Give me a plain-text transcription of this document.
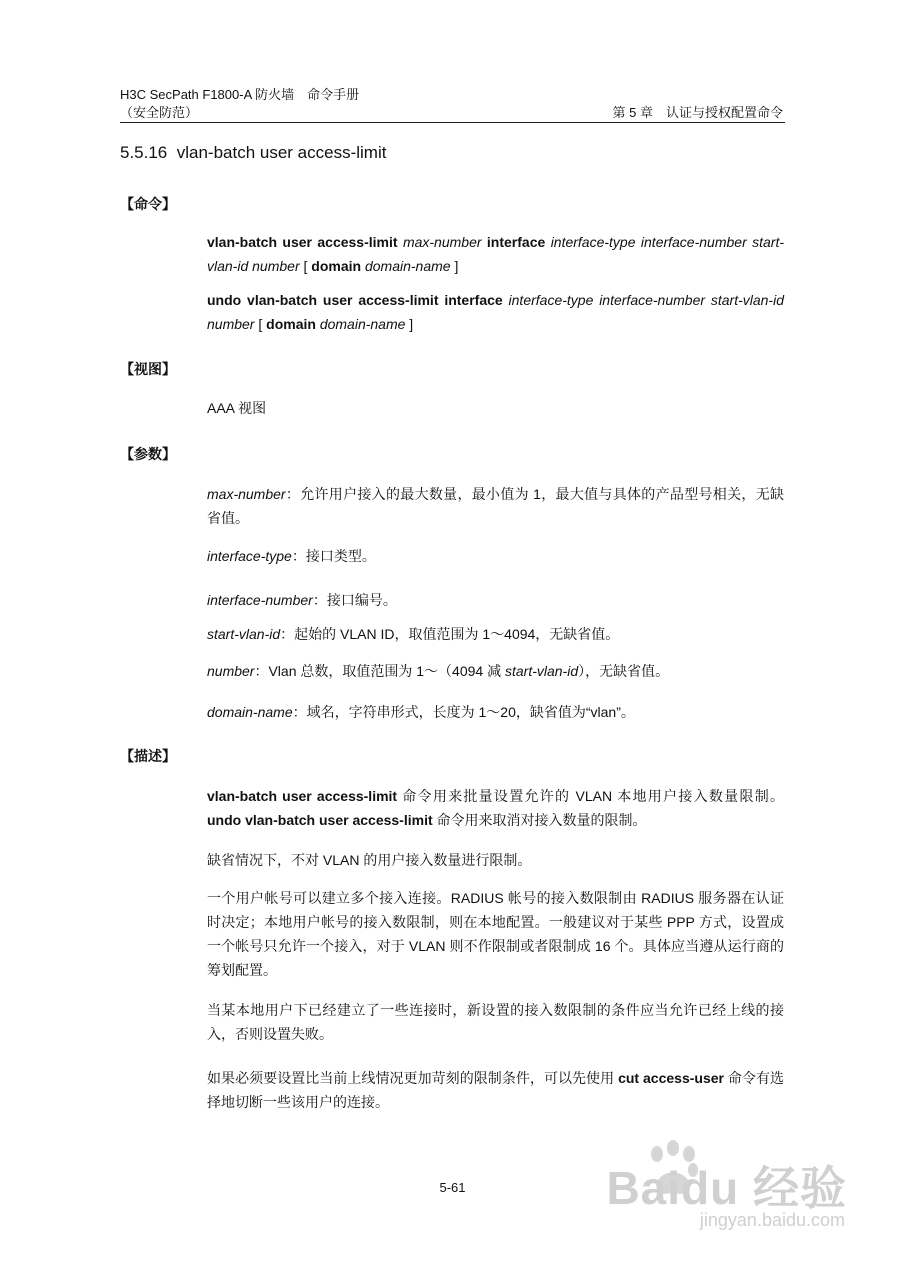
H3C SecPath F1800-A 防火墙　命令手册
（安全防范）	第 5 章　认证与授权配置命令
5.5.16 vlan-batch user access-limit
【命令】

vlan-batch user access-limit max-number interface interface-type interface-number start-vlan-id number [ domain domain-name ]

undo vlan-batch user access-limit interface interface-type interface-number start-vlan-id number [ domain domain-name ]

【视图】

AAA 视图

【参数】

max-number：允许用户接入的最大数量，最小值为 1，最大值与具体的产品型号相关，无缺省值。

interface-type：接口类型。

interface-number：接口编号。

start-vlan-id：起始的 VLAN ID，取值范围为 1～4094，无缺省值。

number：Vlan 总数，取值范围为 1～（4094 减 start-vlan-id），无缺省值。

domain-name：域名，字符串形式，长度为 1～20，缺省值为“vlan”。

【描述】

vlan-batch user access-limit 命令用来批量设置允许的 VLAN 本地用户接入数量限制。undo vlan-batch user access-limit 命令用来取消对接入数量的限制。

缺省情况下，不对 VLAN 的用户接入数量进行限制。

一个用户帐号可以建立多个接入连接。RADIUS 帐号的接入数限制由 RADIUS 服务器在认证时决定；本地用户帐号的接入数限制，则在本地配置。一般建议对于某些 PPP 方式，设置成一个帐号只允许一个接入，对于 VLAN 则不作限制或者限制成 16 个。具体应当遵从运行商的筹划配置。

当某本地用户下已经建立了一些连接时，新设置的接入数限制的条件应当允许已经上线的接入，否则设置失败。

如果必须要设置比当前上线情况更加苛刻的限制条件，可以先使用 cut access-user 命令有选择地切断一些该用户的连接。

5-61	Baidu 经验
jingyan.baidu.com
